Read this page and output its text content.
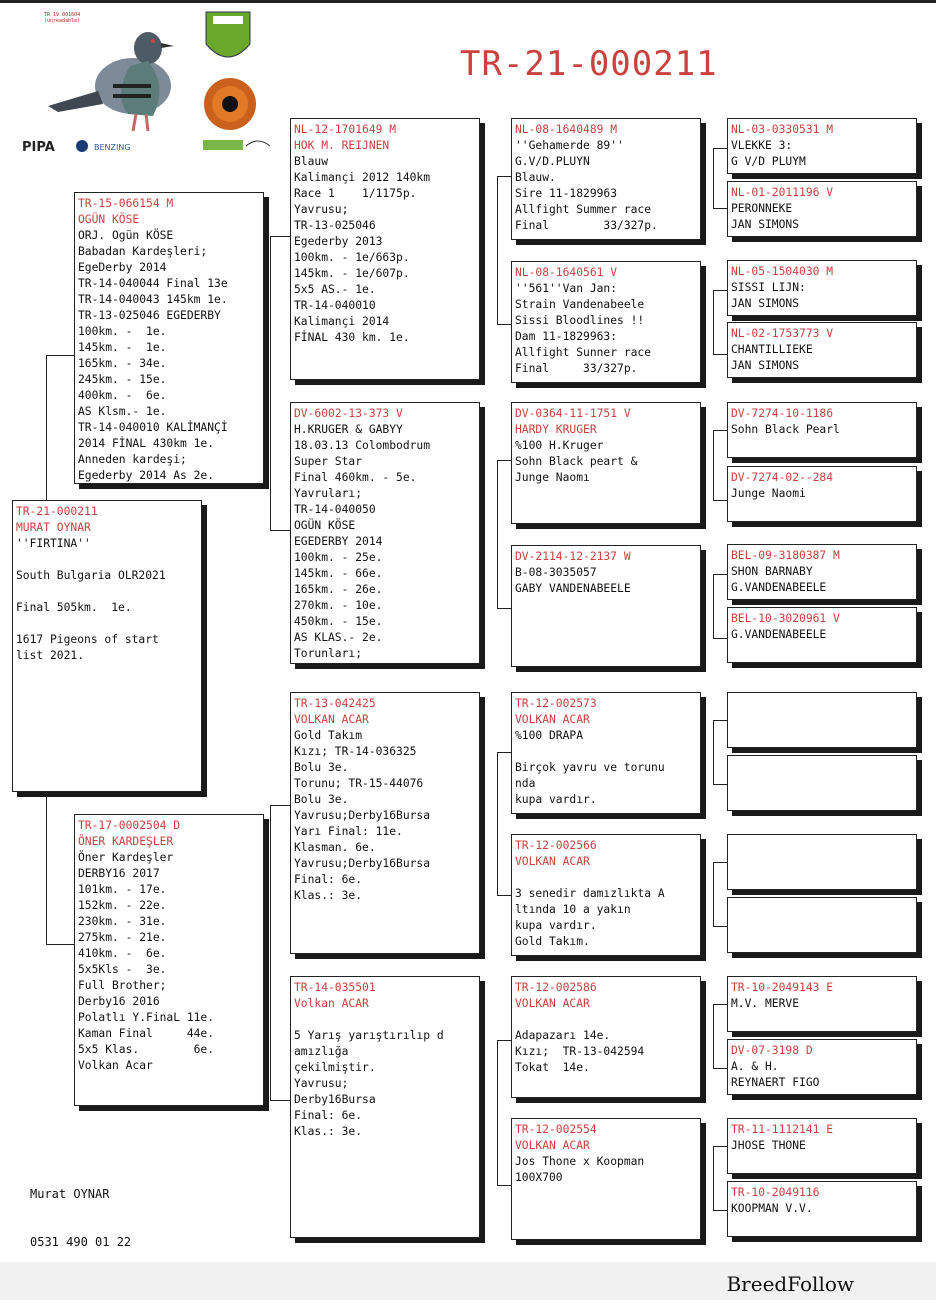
PIPA	BENZING
TR 19 001604
(unreadable)
TR-21-000211
TR-21-000211
MURAT OYNAR
''FIRTINA''

South Bulgaria OLR2021

Final 505km.  1e.

1617 Pigeons of start
list 2021.
TR-15-066154 M
OGÜN KÖSE
ORJ. Ogün KÖSE
Babadan Kardeşleri;
EgeDerby 2014
TR-14-040044 Final 13e
TR-14-040043 145km 1e.
TR-13-025046 EGEDERBY
100km. -  1e.
145km. -  1e.
165km. - 34e.
245km. - 15e.
400km. -  6e.
AS Klsm.- 1e.
TR-14-040010 KALİMANÇİ
2014 FİNAL 430km 1e.
Anneden kardeşi;
Egederby 2014 As 2e.
TR-17-0002504 D
ÖNER KARDEŞLER
Öner Kardeşler
DERBY16 2017
101km. - 17e.
152km. - 22e.
230km. - 31e.
275km. - 21e.
410km. -  6e.
5x5Kls -  3e.
Full Brother;
Derby16 2016
Polatlı Y.FinaL 11e.
Kaman Final     44e.
5x5 Klas.        6e.
Volkan Acar
NL-12-1701649 M
HOK M. REIJNEN
Blauw
Kalimançi 2012 140km
Race 1    1/1175p.
Yavrusu;
TR-13-025046
Egederby 2013
100km. - 1e/663p.
145km. - 1e/607p.
5x5 AS.- 1e.
TR-14-040010
Kalimançi 2014
FİNAL 430 km. 1e.
DV-6002-13-373 V
H.KRUGER & GABYY
18.03.13 Colombodrum
Super Star
Final 460km. - 5e.
Yavruları;
TR-14-040050
OGÜN KÖSE
EGEDERBY 2014
100km. - 25e.
145km. - 66e.
165km. - 26e.
270km. - 10e.
450km. - 15e.
AS KLAS.- 2e.
Torunları;
TR-13-042425
VOLKAN ACAR
Gold Takım
Kızı; TR-14-036325
Bolu 3e.
Torunu; TR-15-44076
Bolu 3e.
Yavrusu;Derby16Bursa
Yarı Final: 11e.
Klasman. 6e.
Yavrusu;Derby16Bursa
Final: 6e.
Klas.: 3e.
TR-14-035501
Volkan ACAR

5 Yarış yarıştırılıp d
amızlığa
çekilmiştir.
Yavrusu;
Derby16Bursa
Final: 6e.
Klas.: 3e.
NL-08-1640489 M
''Gehamerde 89''
G.V/D.PLUYN
Blauw.
Sire 11-1829963
Allfight Summer race
Final        33/327p.
NL-08-1640561 V
''561''Van Jan:
Strain Vandenabeele
Sissi Bloodlines !!
Dam 11-1829963:
Allfight Sunner race
Final     33/327p.
DV-0364-11-1751 V
HARDY KRUGER
%100 H.Kruger
Sohn Black peart &
Junge Naomı
DV-2114-12-2137 W
B-08-3035057
GABY VANDENABEELE
TR-12-002573
VOLKAN ACAR
%100 DRAPA

Birçok yavru ve torunu
nda
kupa vardır.
TR-12-002566
VOLKAN ACAR

3 senedir damızlıkta A
ltında 10 a yakın
kupa vardır.
Gold Takım.
TR-12-002586
VOLKAN ACAR

Adapazarı 14e.
Kızı;  TR-13-042594
Tokat  14e.
TR-12-002554
VOLKAN ACAR
Jos Thone x Koopman
100X700
NL-03-0330531 M
VLEKKE 3:
G V/D PLUYM
NL-01-2011196 V
PERONNEKE
JAN SIMONS
NL-05-1504030 M
SISSI LIJN:
JAN SIMONS
NL-02-1753773 V
CHANTILLIEKE
JAN SIMONS
DV-7274-10-1186
Sohn Black Pearl
DV-7274-02--284
Junge Naomi
BEL-09-3180387 M
SHON BARNABY
G.VANDENABEELE
BEL-10-3020961 V
G.VANDENABEELE
TR-10-2049143 E
M.V. MERVE
DV-07-3198 D
A. & H.
REYNAERT FIGO
TR-11-1112141 E
JHOSE THONE
TR-10-2049116
KOOPMAN V.V.

Murat OYNAR

0531 490 01 22

BreedFollow
